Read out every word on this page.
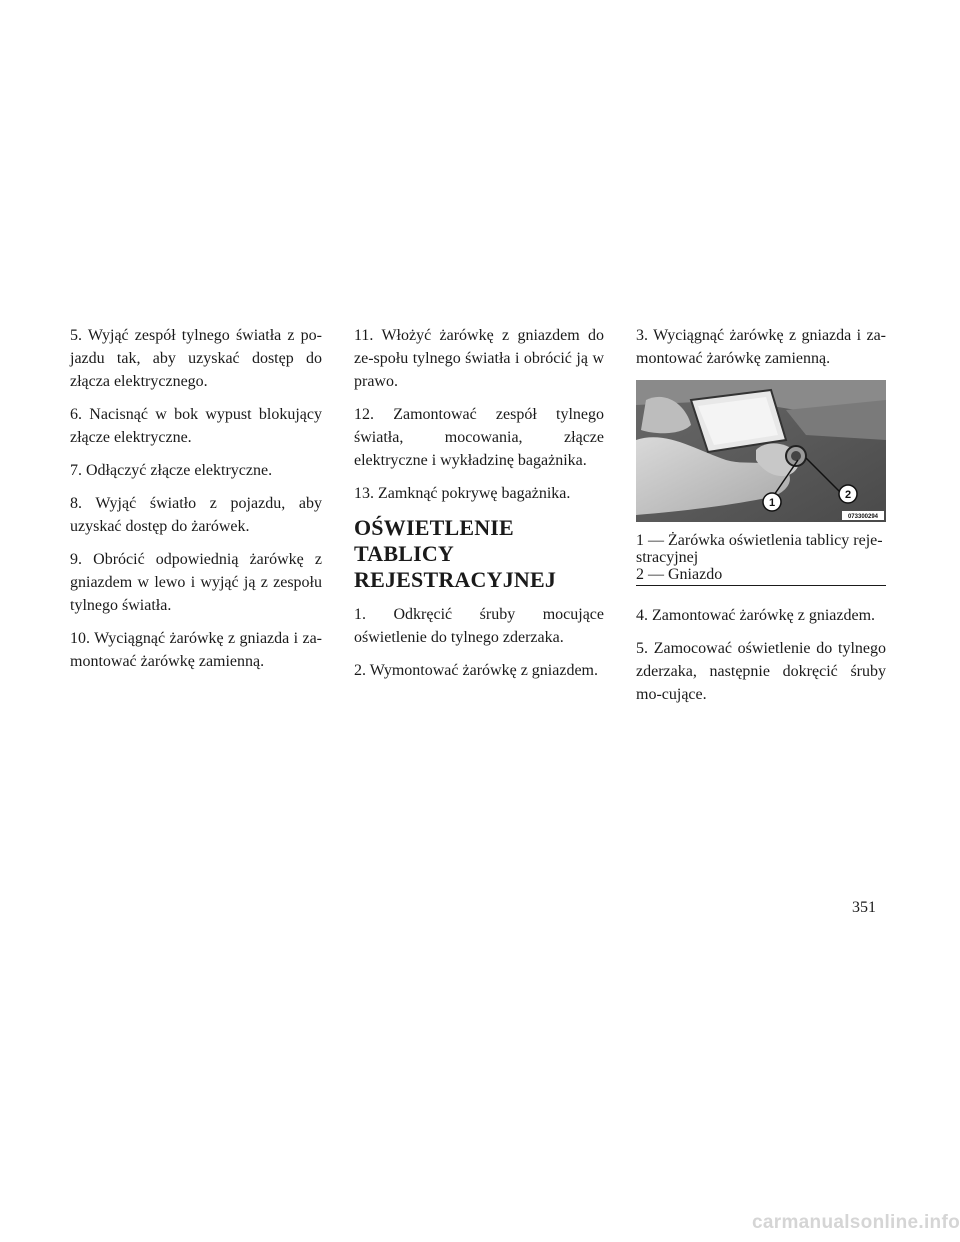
5. Wyjąć zespół tylnego światła z po-jazdu tak, aby uzyskać dostęp do złącza elektrycznego.

6. Nacisnąć w bok wypust blokujący złącze elektryczne.

7. Odłączyć złącze elektryczne.

8. Wyjąć światło z pojazdu, aby uzyskać dostęp do żarówek.

9. Obrócić odpowiednią żarówkę z gniazdem w lewo i wyjąć ją z zespołu tylnego światła.

10. Wyciągnąć żarówkę z gniazda i za-montować żarówkę zamienną.

11. Włożyć żarówkę z gniazdem do ze-społu tylnego światła i obrócić ją w prawo.

12. Zamontować zespół tylnego światła, mocowania, złącze elektryczne i wykładzinę bagażnika.

13. Zamknąć pokrywę bagażnika.

OŚWIETLENIE TABLICY
REJESTRACYJNEJ

1. Odkręcić śruby mocujące oświetlenie do tylnego zderzaka.

2. Wymontować żarówkę z gniazdem.

3. Wyciągnąć żarówkę z gniazda i za-montować żarówkę zamienną.

1
2
073300294
1 — Żarówka oświetlenia tablicy reje-
stracyjnej
2 — Gniazdo

4. Zamontować żarówkę z gniazdem.

5. Zamocować oświetlenie do tylnego zderzaka, następnie dokręcić śruby mo-cujące.

351
carmanualsonline.info
